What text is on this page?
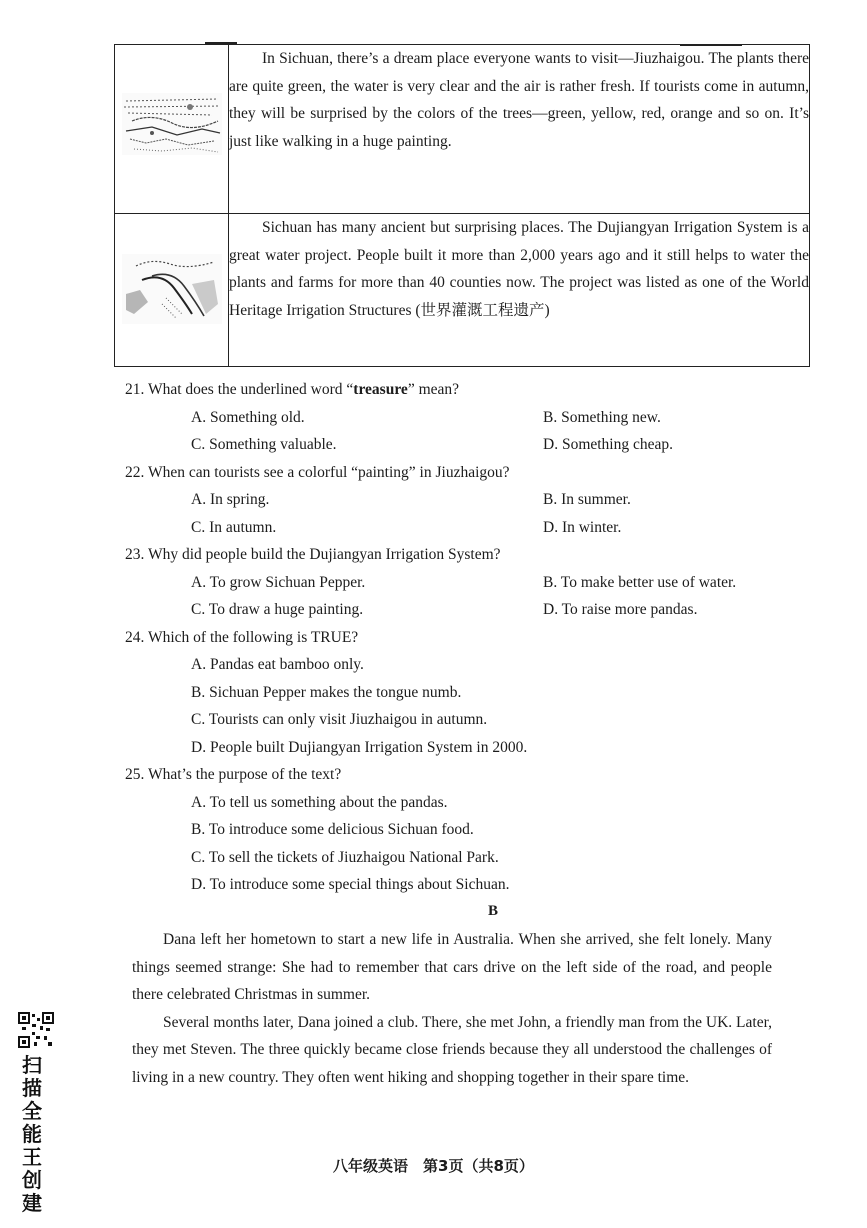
In Sichuan, there’s a dream place everyone wants to visit—Jiuzhaigou. The plants there are quite green, the water is very clear and the air is rather fresh. If tourists come in autumn, they will be surprised by the colors of the trees—green, yellow, red, orange and so on. It’s just like walking in a huge painting.

Sichuan has many ancient but surprising places. The Dujiangyan Irrigation System is a great water project. People built it more than 2,000 years ago and it still helps to water the plants and farms for more than 40 counties now. The project was listed as one of the World Heritage Irrigation Structures (世界灌溉工程遗产)

21. What does the underlined word “treasure” mean?
A. Something old.	B. Something new.
C. Something valuable.	D. Something cheap.
22. When can tourists see a colorful “painting” in Jiuzhaigou?
A. In spring.	B. In summer.
C. In autumn.	D. In winter.
23. Why did people build the Dujiangyan Irrigation System?
A. To grow Sichuan Pepper.	B. To make better use of water.
C. To draw a huge painting.	D. To raise more pandas.
24. Which of the following is TRUE?
A. Pandas eat bamboo only.
B. Sichuan Pepper makes the tongue numb.
C. Tourists can only visit Jiuzhaigou in autumn.
D. People built Dujiangyan Irrigation System in 2000.
25. What’s the purpose of the text?
A. To tell us something about the pandas.
B. To introduce some delicious Sichuan food.
C. To sell the tickets of Jiuzhaigou National Park.
D. To introduce some special things about Sichuan.
B

Dana left her hometown to start a new life in Australia. When she arrived, she felt lonely. Many things seemed strange: She had to remember that cars drive on the left side of the road, and people there celebrated Christmas in summer.

Several months later, Dana joined a club. There, she met John, a friendly man from the UK. Later, they met Steven. The three quickly became close friends because they all understood the challenges of living in a new country. They often went hiking and shopping together in their spare time.

八年级英语　第3页（共8页）
扫描全能王 创建
